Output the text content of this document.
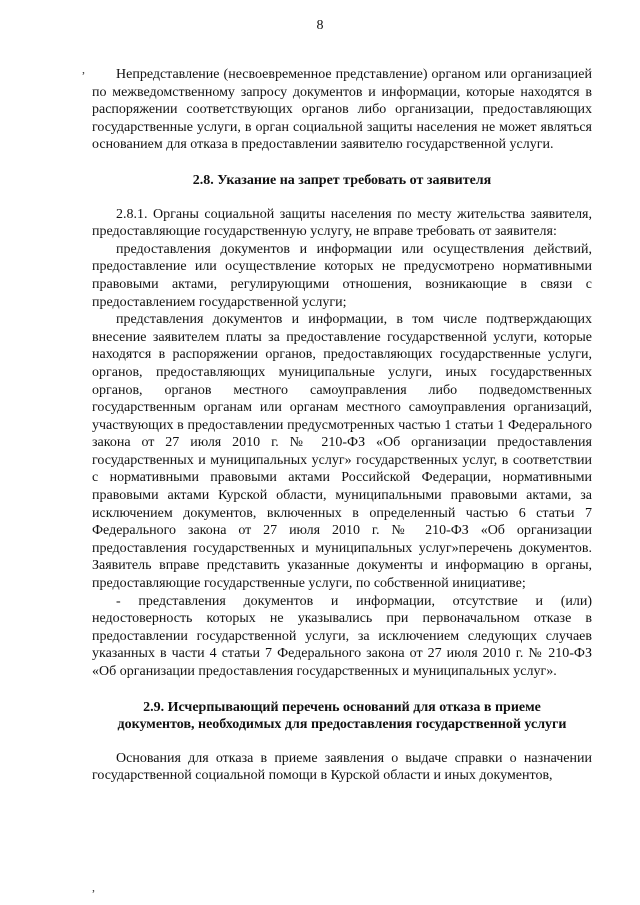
8
,
,

Непредставление (несвоевременное представление) органом или организацией по межведомственному запросу документов и информации, которые находятся в распоряжении соответствующих органов либо организации, предоставляющих государственные услуги, в орган социальной защиты населения не может являться основанием для отказа в предоставлении заявителю государственной услуги.

2.8. Указание на запрет требовать от заявителя

2.8.1. Органы социальной защиты населения по месту жительства заявителя, предоставляющие государственную услугу, не вправе требовать от заявителя:

предоставления документов и информации или осуществления действий, предоставление или осуществление которых не предусмотрено нормативными правовыми актами, регулирующими отношения, возникающие в связи с предоставлением государственной услуги;

представления документов и информации, в том числе подтверждающих внесение заявителем платы за предоставление государственной услуги, которые находятся в распоряжении органов, предоставляющих государственные услуги, органов, предоставляющих муниципальные услуги, иных государственных органов, органов местного самоуправления либо подведомственных государственным органам или органам местного самоуправления организаций, участвующих в предоставлении предусмотренных частью 1 статьи 1 Федерального закона от 27 июля 2010 г. № 210-ФЗ «Об организации предоставления государственных и муниципальных услуг» государственных услуг, в соответствии с нормативными правовыми актами Российской Федерации, нормативными правовыми актами Курской области, муниципальными правовыми актами, за исключением документов, включенных в определенный частью 6 статьи 7 Федерального закона от 27 июля 2010 г. № 210-ФЗ «Об организации предоставления государственных и муниципальных услуг»перечень документов. Заявитель вправе представить указанные документы и информацию в органы, предоставляющие государственные услуги, по собственной инициативе;

- представления документов и информации, отсутствие и (или) недостоверность которых не указывались при первоначальном отказе в предоставлении государственной услуги, за исключением следующих случаев указанных в части 4 статьи 7 Федерального закона от 27 июля 2010 г. № 210-ФЗ «Об организации предоставления государственных и муниципальных услуг».

2.9. Исчерпывающий перечень оснований для отказа в приеме
документов, необходимых для предоставления государственной услуги

Основания для отказа в приеме заявления о выдаче справки о назначении государственной социальной помощи в Курской области и иных документов,
